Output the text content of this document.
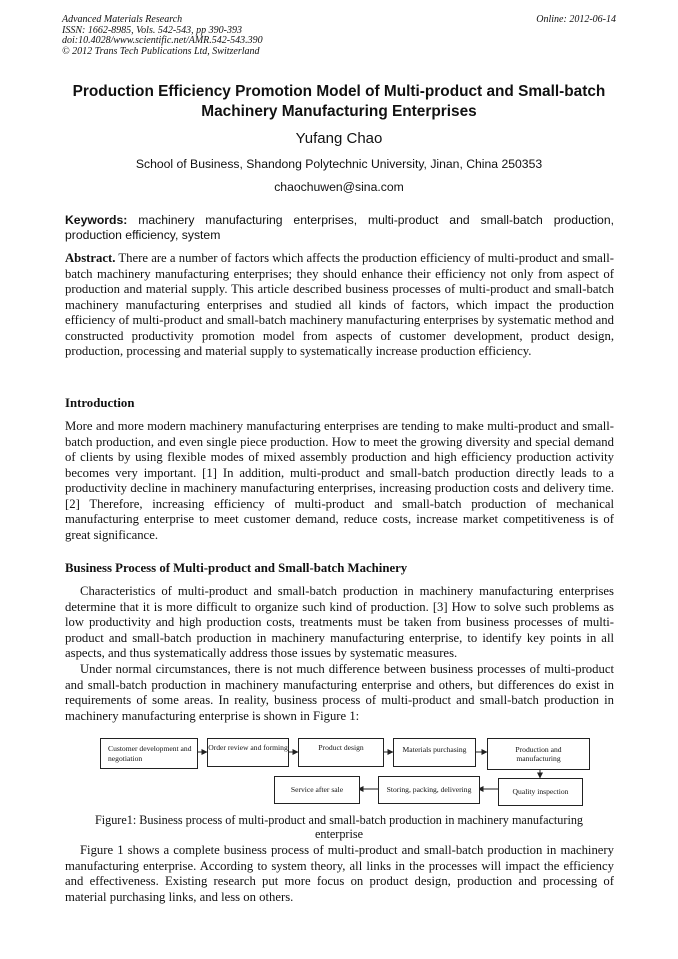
Advanced Materials Research
ISSN: 1662-8985, Vols. 542-543, pp 390-393
doi:10.4028/www.scientific.net/AMR.542-543.390
© 2012 Trans Tech Publications Ltd, Switzerland
Online: 2012-06-14
Production Efficiency Promotion Model of Multi-product and Small-batch Machinery Manufacturing Enterprises
Yufang Chao
School of Business, Shandong Polytechnic University, Jinan, China 250353
chaochuwen@sina.com
Keywords: machinery manufacturing enterprises, multi-product and small-batch production, production efficiency, system
Abstract. There are a number of factors which affects the production efficiency of multi-product and small-batch machinery manufacturing enterprises; they should enhance their efficiency not only from aspect of production and material supply. This article described business processes of multi-product and small-batch machinery manufacturing enterprises and studied all kinds of factors, which impact the production efficiency of multi-product and small-batch machinery manufacturing enterprises by systematic method and constructed productivity promotion model from aspects of customer development, product design, production, processing and material supply to systematically increase production efficiency.
Introduction
More and more modern machinery manufacturing enterprises are tending to make multi-product and small-batch production, and even single piece production. How to meet the growing diversity and special demand of clients by using flexible modes of mixed assembly production and high efficiency production activity becomes very important. [1] In addition, multi-product and small-batch production directly leads to a productivity decline in machinery manufacturing enterprises, increasing production costs and delivery time. [2] Therefore, increasing efficiency of multi-product and small-batch production of mechanical manufacturing enterprise to meet customer demand, reduce costs, increase market competitiveness is of great significance.
Business Process of Multi-product and Small-batch Machinery
Characteristics of multi-product and small-batch production in machinery manufacturing enterprises determine that it is more difficult to organize such kind of production. [3] How to solve such problems as low productivity and high production costs, treatments must be taken from business processes of multi-product and small-batch production in machinery manufacturing enterprise, to identify key points in all aspects, and thus systematically address those issues by systematic measures.
Under normal circumstances, there is not much difference between business processes of multi-product and small-batch production in machinery manufacturing enterprise and others, but differences do exist in requirements of some areas. In reality, business process of multi-product and small-batch production in machinery manufacturing enterprise is shown in Figure 1:
Customer development and negotiation
Order review and forming	Product design	Materials purchasing	Production and manufacturing
Quality inspection
Storing, packing, delivering
Service after sale
Figure1: Business process of multi-product and small-batch production in machinery manufacturing enterprise
Figure 1 shows a complete business process of multi-product and small-batch production in machinery manufacturing enterprise. According to system theory, all links in the processes will impact the efficiency and effectiveness. Existing research put more focus on product design, production and processing of material purchasing links, and less on others.
